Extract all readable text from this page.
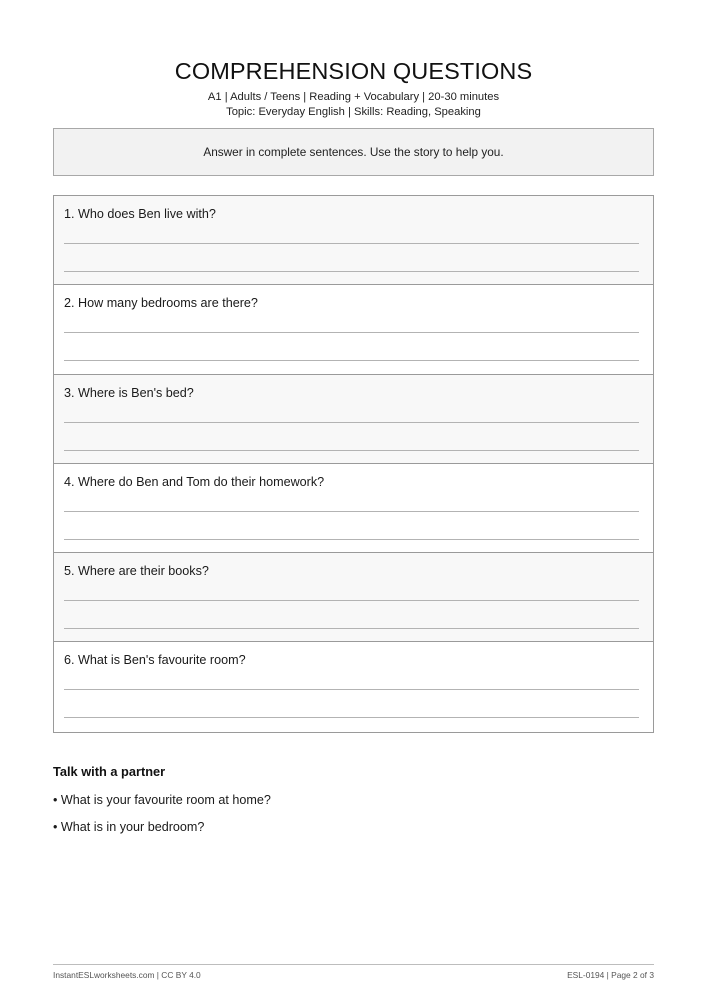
COMPREHENSION QUESTIONS
A1 | Adults / Teens | Reading + Vocabulary | 20-30 minutes
Topic: Everyday English | Skills: Reading, Speaking
Answer in complete sentences. Use the story to help you.
1. Who does Ben live with?
2. How many bedrooms are there?
3. Where is Ben's bed?
4. Where do Ben and Tom do their homework?
5. Where are their books?
6. What is Ben's favourite room?
Talk with a partner
• What is your favourite room at home?
• What is in your bedroom?
InstantESLworksheets.com | CC BY 4.0	ESL-0194 | Page 2 of 3
